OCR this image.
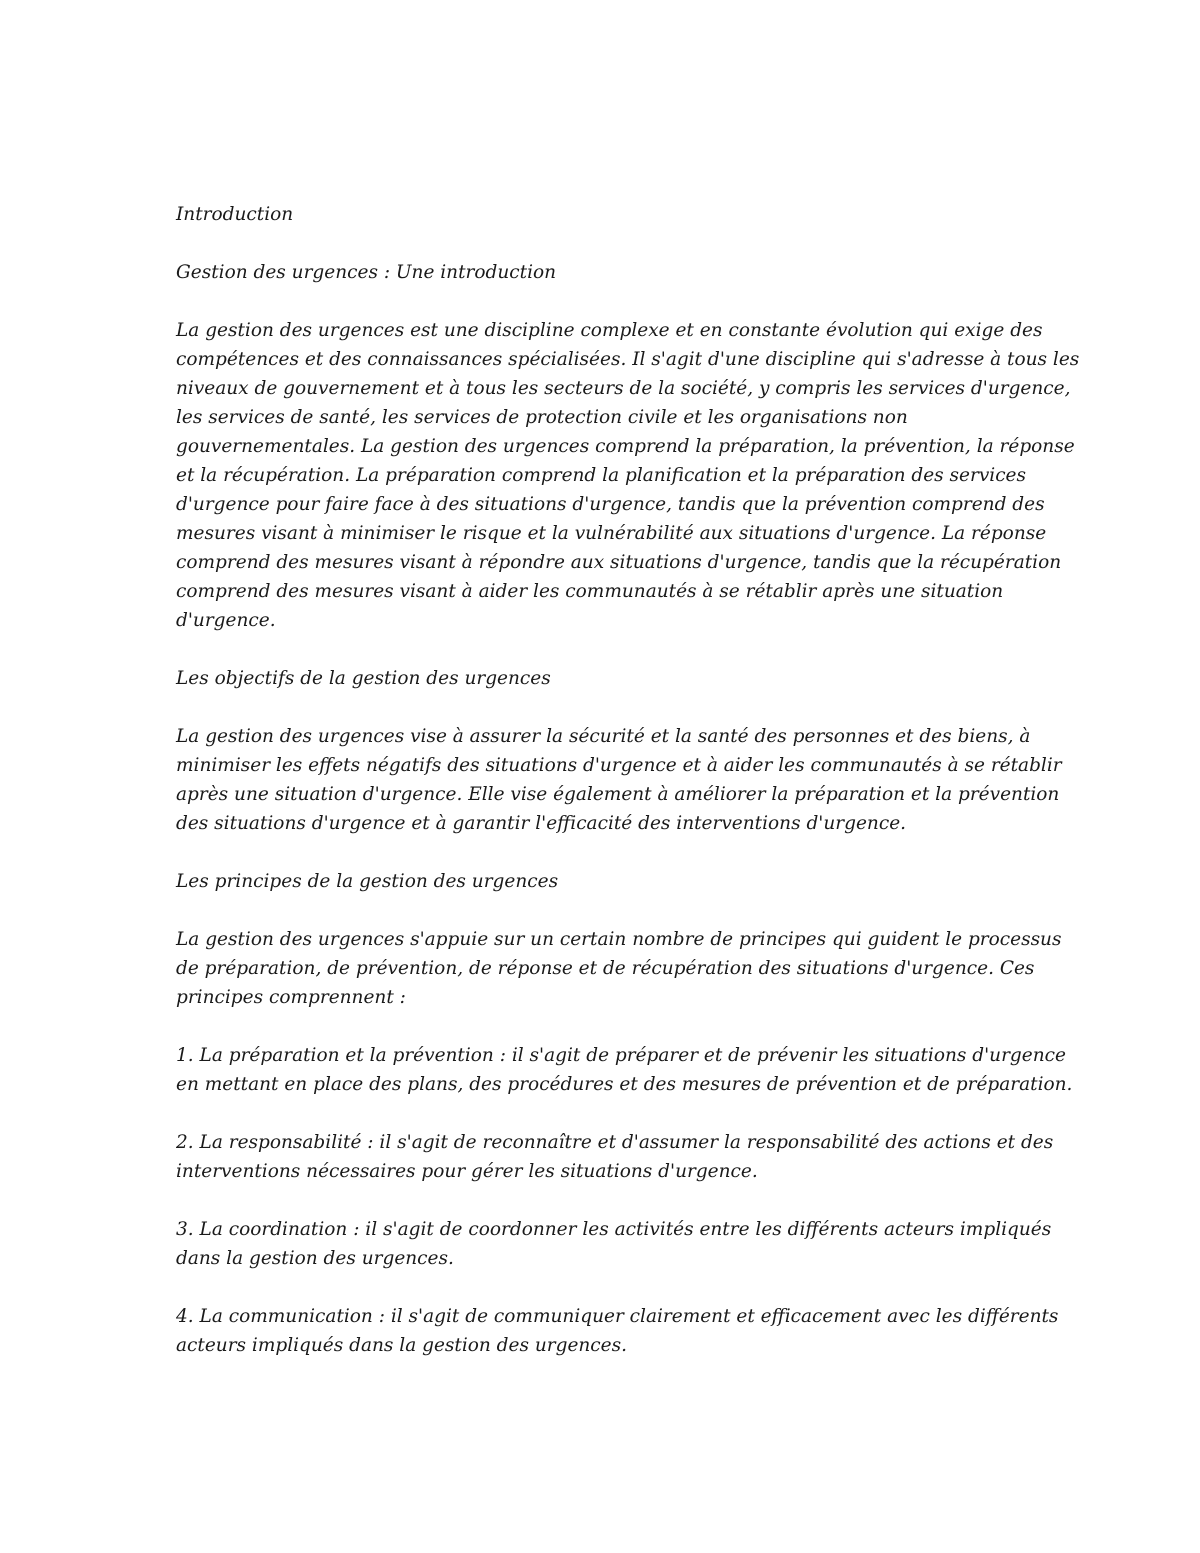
Introduction

Gestion des urgences : Une introduction

La gestion des urgences est une discipline complexe et en constante évolution qui exige des
compétences et des connaissances spécialisées. Il s'agit d'une discipline qui s'adresse à tous les
niveaux de gouvernement et à tous les secteurs de la société, y compris les services d'urgence,
les services de santé, les services de protection civile et les organisations non
gouvernementales. La gestion des urgences comprend la préparation, la prévention, la réponse
et la récupération. La préparation comprend la planification et la préparation des services
d'urgence pour faire face à des situations d'urgence, tandis que la prévention comprend des
mesures visant à minimiser le risque et la vulnérabilité aux situations d'urgence. La réponse
comprend des mesures visant à répondre aux situations d'urgence, tandis que la récupération
comprend des mesures visant à aider les communautés à se rétablir après une situation
d'urgence.

Les objectifs de la gestion des urgences

La gestion des urgences vise à assurer la sécurité et la santé des personnes et des biens, à
minimiser les effets négatifs des situations d'urgence et à aider les communautés à se rétablir
après une situation d'urgence. Elle vise également à améliorer la préparation et la prévention
des situations d'urgence et à garantir l'efficacité des interventions d'urgence.

Les principes de la gestion des urgences

La gestion des urgences s'appuie sur un certain nombre de principes qui guident le processus
de préparation, de prévention, de réponse et de récupération des situations d'urgence. Ces
principes comprennent :

1. La préparation et la prévention : il s'agit de préparer et de prévenir les situations d'urgence
en mettant en place des plans, des procédures et des mesures de prévention et de préparation.

2. La responsabilité : il s'agit de reconnaître et d'assumer la responsabilité des actions et des
interventions nécessaires pour gérer les situations d'urgence.

3. La coordination : il s'agit de coordonner les activités entre les différents acteurs impliqués
dans la gestion des urgences.

4. La communication : il s'agit de communiquer clairement et efficacement avec les différents
acteurs impliqués dans la gestion des urgences.
